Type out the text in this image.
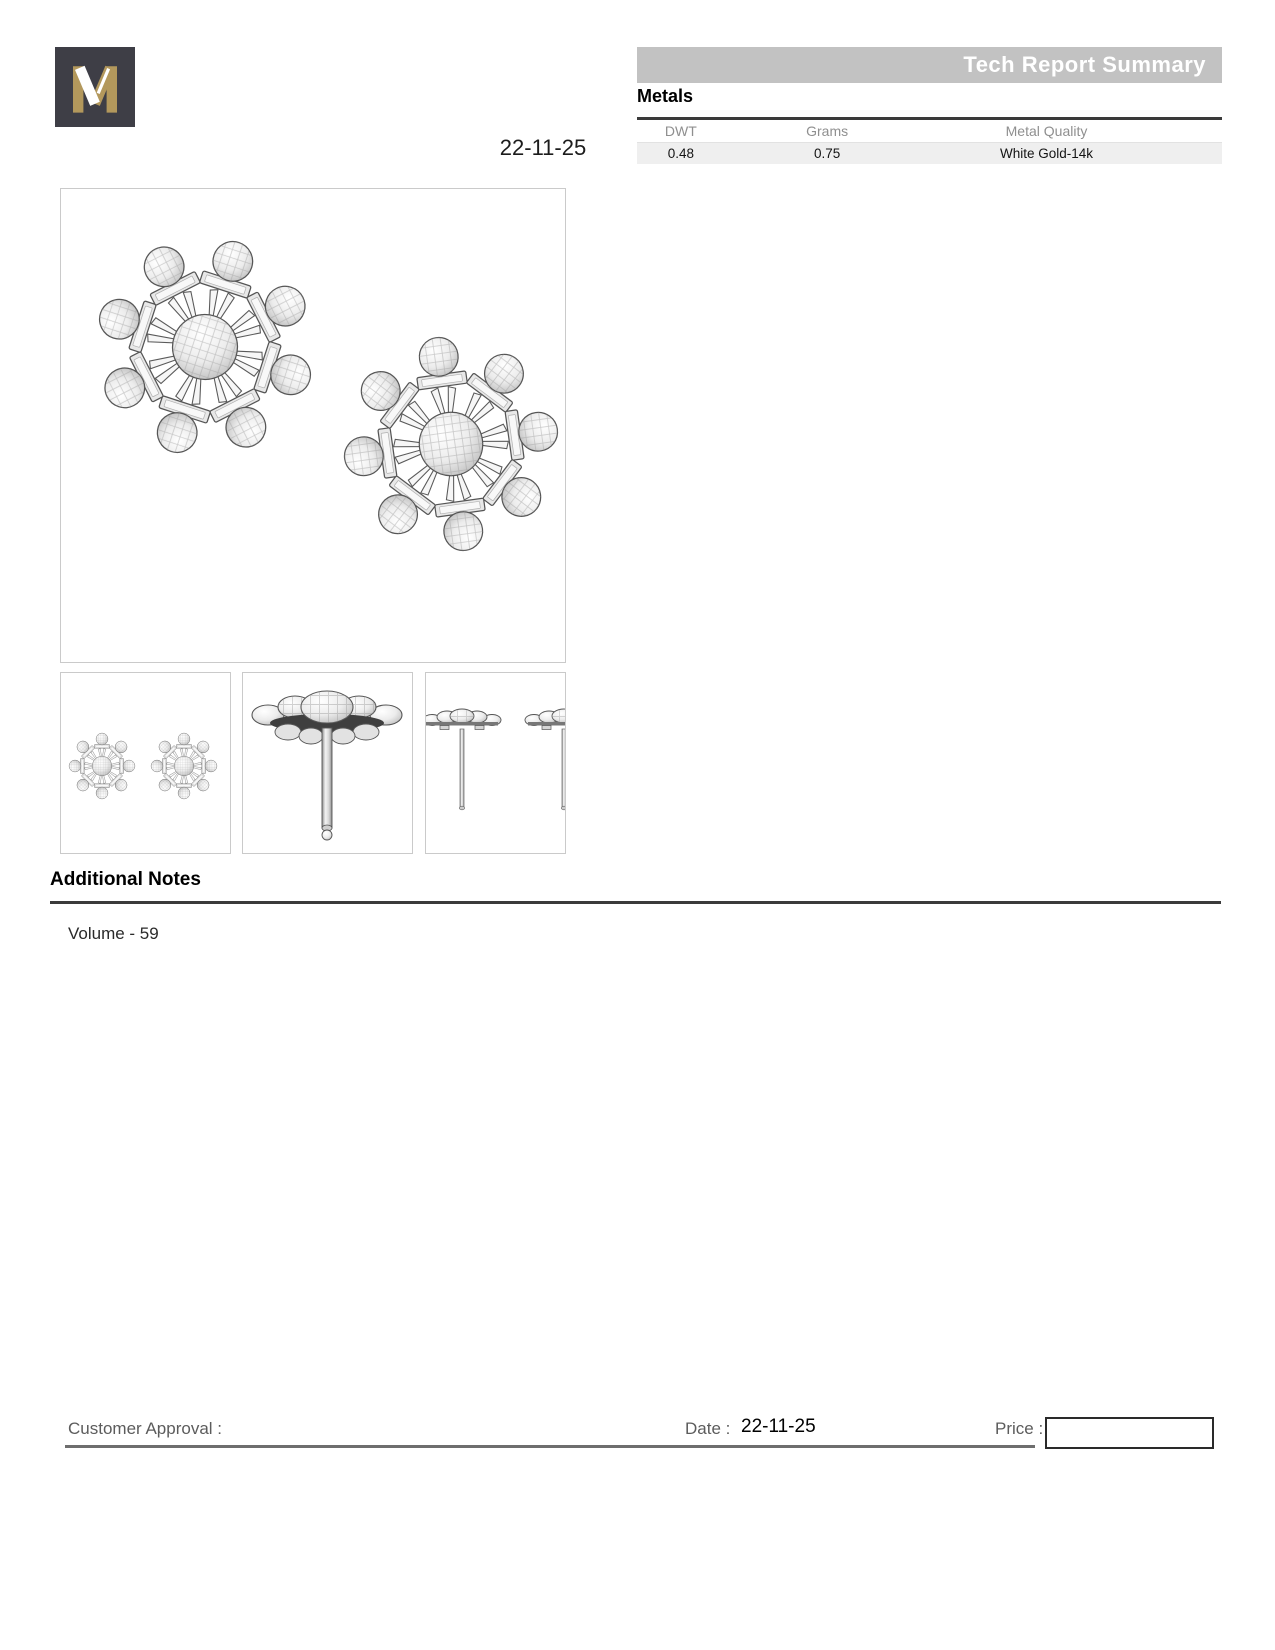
Tech Report Summary
Metals
DWT	Grams	Metal Quality
0.48	0.75	White Gold-14k
22-11-25
Additional Notes
Volume - 59
Customer Approval :	Date : 22-11-25	Price :
